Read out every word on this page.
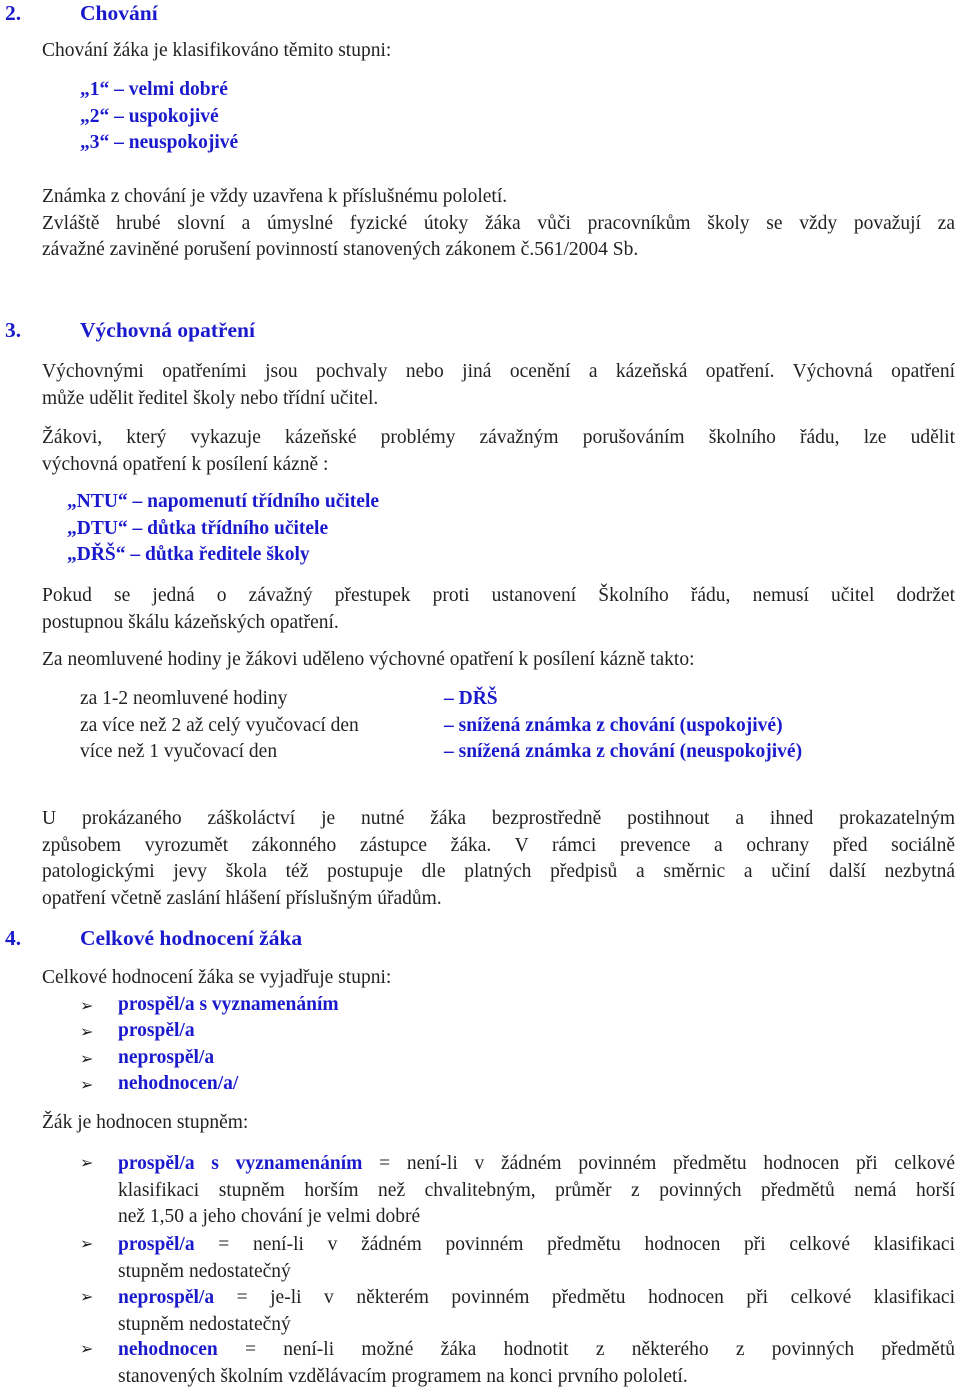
2.	Chování
Chování žáka je klasifikováno těmito stupni:
„1“ – velmi dobré
„2“ – uspokojivé
„3“ – neuspokojivé
Známka z chování je vždy uzavřena k příslušnému pololetí.
Zvláště hrubé slovní a úmyslné fyzické útoky žáka vůči pracovníkům školy se vždy považují za
závažné zaviněné porušení povinností stanovených zákonem č.561/2004 Sb.
3.	Výchovná opatření
Výchovnými opatřeními jsou pochvaly nebo jiná ocenění a kázeňská opatření. Výchovná opatření
může udělit ředitel školy nebo třídní učitel.
Žákovi, který vykazuje kázeňské problémy závažným porušováním školního řádu, lze udělit
výchovná opatření k posílení kázně :
„NTU“ – napomenutí třídního učitele
„DTU“ – důtka třídního učitele
„DŘŠ“ – důtka ředitele školy
Pokud se jedná o závažný přestupek proti ustanovení Školního řádu, nemusí učitel dodržet
postupnou škálu kázeňských opatření.
Za neomluvené hodiny je žákovi uděleno výchovné opatření k posílení kázně takto:
za 1-2 neomluvené hodiny	– DŘŠ
za více než 2 až celý vyučovací den	– snížená známka z chování (uspokojivé)
více než 1 vyučovací den	– snížená známka z chování (neuspokojivé)
U prokázaného záškoláctví je nutné žáka bezprostředně postihnout a ihned prokazatelným
způsobem vyrozumět zákonného zástupce žáka. V rámci prevence a ochrany před sociálně
patologickými jevy škola též postupuje dle platných předpisů a směrnic a učiní další nezbytná
opatření včetně zaslání hlášení příslušným úřadům.
4.	Celkové hodnocení žáka
Celkové hodnocení žáka se vyjadřuje stupni:
➢	prospěl/a s vyznamenáním
➢	prospěl/a
➢	neprospěl/a
➢	nehodnocen/a/
Žák je hodnocen stupněm:
➢	prospěl/a s vyznamenáním = není-li v žádném povinném předmětu hodnocen při celkové
klasifikaci stupněm horším než chvalitebným, průměr z povinných předmětů nemá horší
než 1,50 a jeho chování je velmi dobré
➢	prospěl/a = není-li v žádném povinném předmětu hodnocen při celkové klasifikaci
stupněm nedostatečný
➢	neprospěl/a = je-li v některém povinném předmětu hodnocen při celkové klasifikaci
stupněm nedostatečný
➢	nehodnocen = není-li možné žáka hodnotit z některého z povinných předmětů
stanovených školním vzdělávacím programem na konci prvního pololetí.
